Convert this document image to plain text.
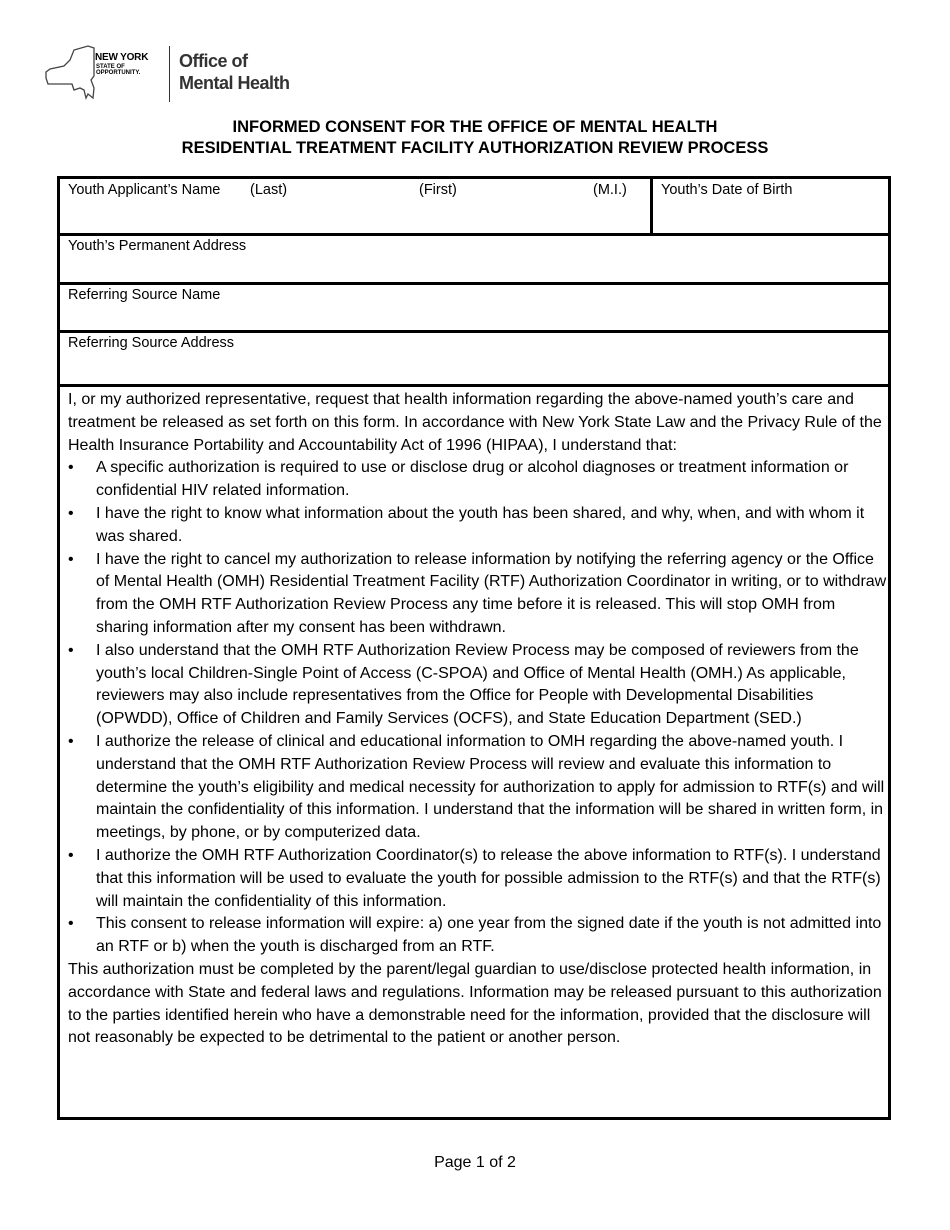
NEW YORK
STATE OF
OPPORTUNITY.
Office of
Mental Health
INFORMED CONSENT FOR THE OFFICE OF MENTAL HEALTH
RESIDENTIAL TREATMENT FACILITY AUTHORIZATION REVIEW PROCESS
Youth Applicant’s Name (Last)	(First)	(M.I.) Youth’s Date of Birth
Youth’s Permanent Address
Referring Source Name
Referring Source Address

I, or my authorized representative, request that health information regarding the above-named youth’s care and treatment be released as set forth on this form. In accordance with New York State Law and the Privacy Rule of the Health Insurance Portability and Accountability Act of 1996 (HIPAA), I understand that:

• A specific authorization is required to use or disclose drug or alcohol diagnoses or treatment information or confidential HIV related information.
• I have the right to know what information about the youth has been shared, and why, when, and with whom it was shared.
• I have the right to cancel my authorization to release information by notifying the referring agency or the Office of Mental Health (OMH) Residential Treatment Facility (RTF) Authorization Coordinator in writing, or to withdraw from the OMH RTF Authorization Review Process any time before it is released. This will stop OMH from sharing information after my consent has been withdrawn.
• I also understand that the OMH RTF Authorization Review Process may be composed of reviewers from the youth’s local Children-Single Point of Access (C-SPOA) and Office of Mental Health (OMH.) As applicable, reviewers may also include representatives from the Office for People with Developmental Disabilities (OPWDD), Office of Children and Family Services (OCFS), and State Education Department (SED.)
• I authorize the release of clinical and educational information to OMH regarding the above-named youth. I understand that the OMH RTF Authorization Review Process will review and evaluate this information to determine the youth’s eligibility and medical necessity for authorization to apply for admission to RTF(s) and will maintain the confidentiality of this information. I understand that the information will be shared in written form, in meetings, by phone, or by computerized data.
• I authorize the OMH RTF Authorization Coordinator(s) to release the above information to RTF(s). I understand that this information will be used to evaluate the youth for possible admission to the RTF(s) and that the RTF(s) will maintain the confidentiality of this information.
• This consent to release information will expire: a) one year from the signed date if the youth is not admitted into an RTF or b) when the youth is discharged from an RTF.

This authorization must be completed by the parent/legal guardian to use/disclose protected health information, in accordance with State and federal laws and regulations. Information may be released pursuant to this authorization to the parties identified herein who have a demonstrable need for the information, provided that the disclosure will not reasonably be expected to be detrimental to the patient or another person.

Page 1 of 2
